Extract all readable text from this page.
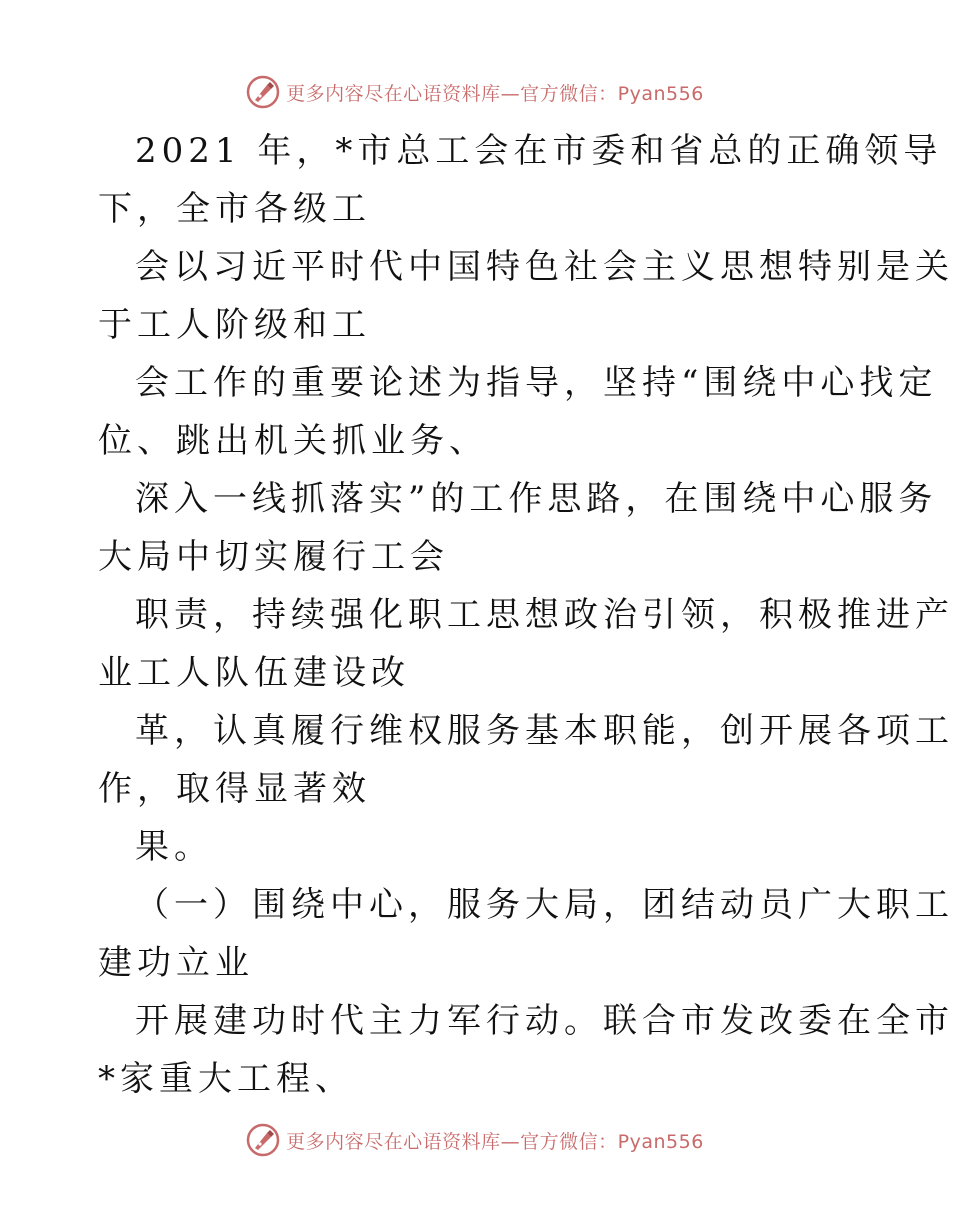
更多内容尽在心语资料库—官方微信：Pyan556
2021 年，*市总工会在市委和省总的正确领导
下，全市各级工
会以习近平时代中国特色社会主义思想特别是关
于工人阶级和工
会工作的重要论述为指导，坚持“围绕中心找定
位、跳出机关抓业务、
深入一线抓落实”的工作思路，在围绕中心服务
大局中切实履行工会
职责，持续强化职工思想政治引领，积极推进产
业工人队伍建设改
革，认真履行维权服务基本职能，创开展各项工
作，取得显著效
果。
（一）围绕中心，服务大局，团结动员广大职工
建功立业
开展建功时代主力军行动。联合市发改委在全市
*家重大工程、
更多内容尽在心语资料库—官方微信：Pyan556
